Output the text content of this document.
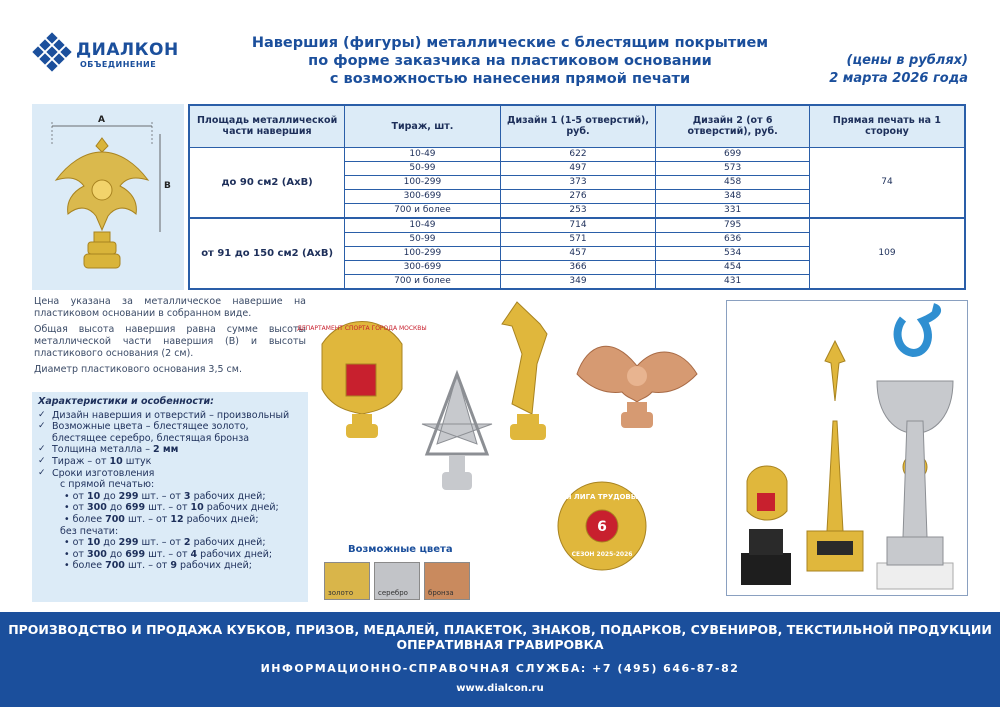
ДИАЛКОН
ОБЪЕДИНЕНИЕ
Навершия (фигуры) металлические с блестящим покрытием
по форме заказчика на пластиковом основании
с возможностью нанесения прямой печати
(цены в рублях)
2 марта 2026 года
A
B
Площадь металлической части навершия	Тираж, шт.	Дизайн 1 (1-5 отверстий), руб.	Дизайн 2 (от 6 отверстий), руб.	Прямая печать на 1 сторону
до 90 см2 (АхВ)	10-49	622	699	74
	50-99	497	573	
	100-299	373	458	
	300-699	276	348	
	700 и более	253	331	
от 91 до 150 см2 (АхВ)	10-49	714	795	109
	50-99	571	636	
	100-299	457	534	
	300-699	366	454	
	700 и более	349	431	

Цена указана за металлическое навершие на пластиковом основании в собранном виде.

Общая высота навершия равна сумме высоты металлической части навершия (В) и высоты пластикового основания (2 см).

Диаметр пластикового основания 3,5 см.

Характеристики и особенности:
✓ Дизайн навершия и отверстий – произвольный
✓ Возможные цвета – блестящее золото,
блестящее серебро, блестящая бронза
✓ Толщина металла – 2 мм
✓ Тираж – от 10 штук
✓ Сроки изготовления
с прямой печатью:
• от 10 до 299 шт. – от 3 рабочих дней;
• от 300 до 699 шт. – от 10 рабочих дней;
• более 700 шт. – от 12 рабочих дней;
без печати:
• от 10 до 299 шт. – от 2 рабочих дней;
• от 300 до 699 шт. – от 4 рабочих дней;
• более 700 шт. – от 9 рабочих дней;
ДЕПАРТАМЕНТ СПОРТА ГОРОДА МОСКВЫ
6
ХОККЕЙНАЯ ЛИГА ТРУДОВЫЕ РЕЗЕРВЫ
СЕЗОН 2025-2026
Возможные цвета
золото	серебро	бронза
ПРОИЗВОДСТВО И ПРОДАЖА КУБКОВ, ПРИЗОВ, МЕДАЛЕЙ, ПЛАКЕТОК, ЗНАКОВ, ПОДАРКОВ, СУВЕНИРОВ, ТЕКСТИЛЬНОЙ ПРОДУКЦИИ
ОПЕРАТИВНАЯ ГРАВИРОВКА
ИНФОРМАЦИОННО-СПРАВОЧНАЯ СЛУЖБА: +7 (495) 646-87-82
www.dialcon.ru
